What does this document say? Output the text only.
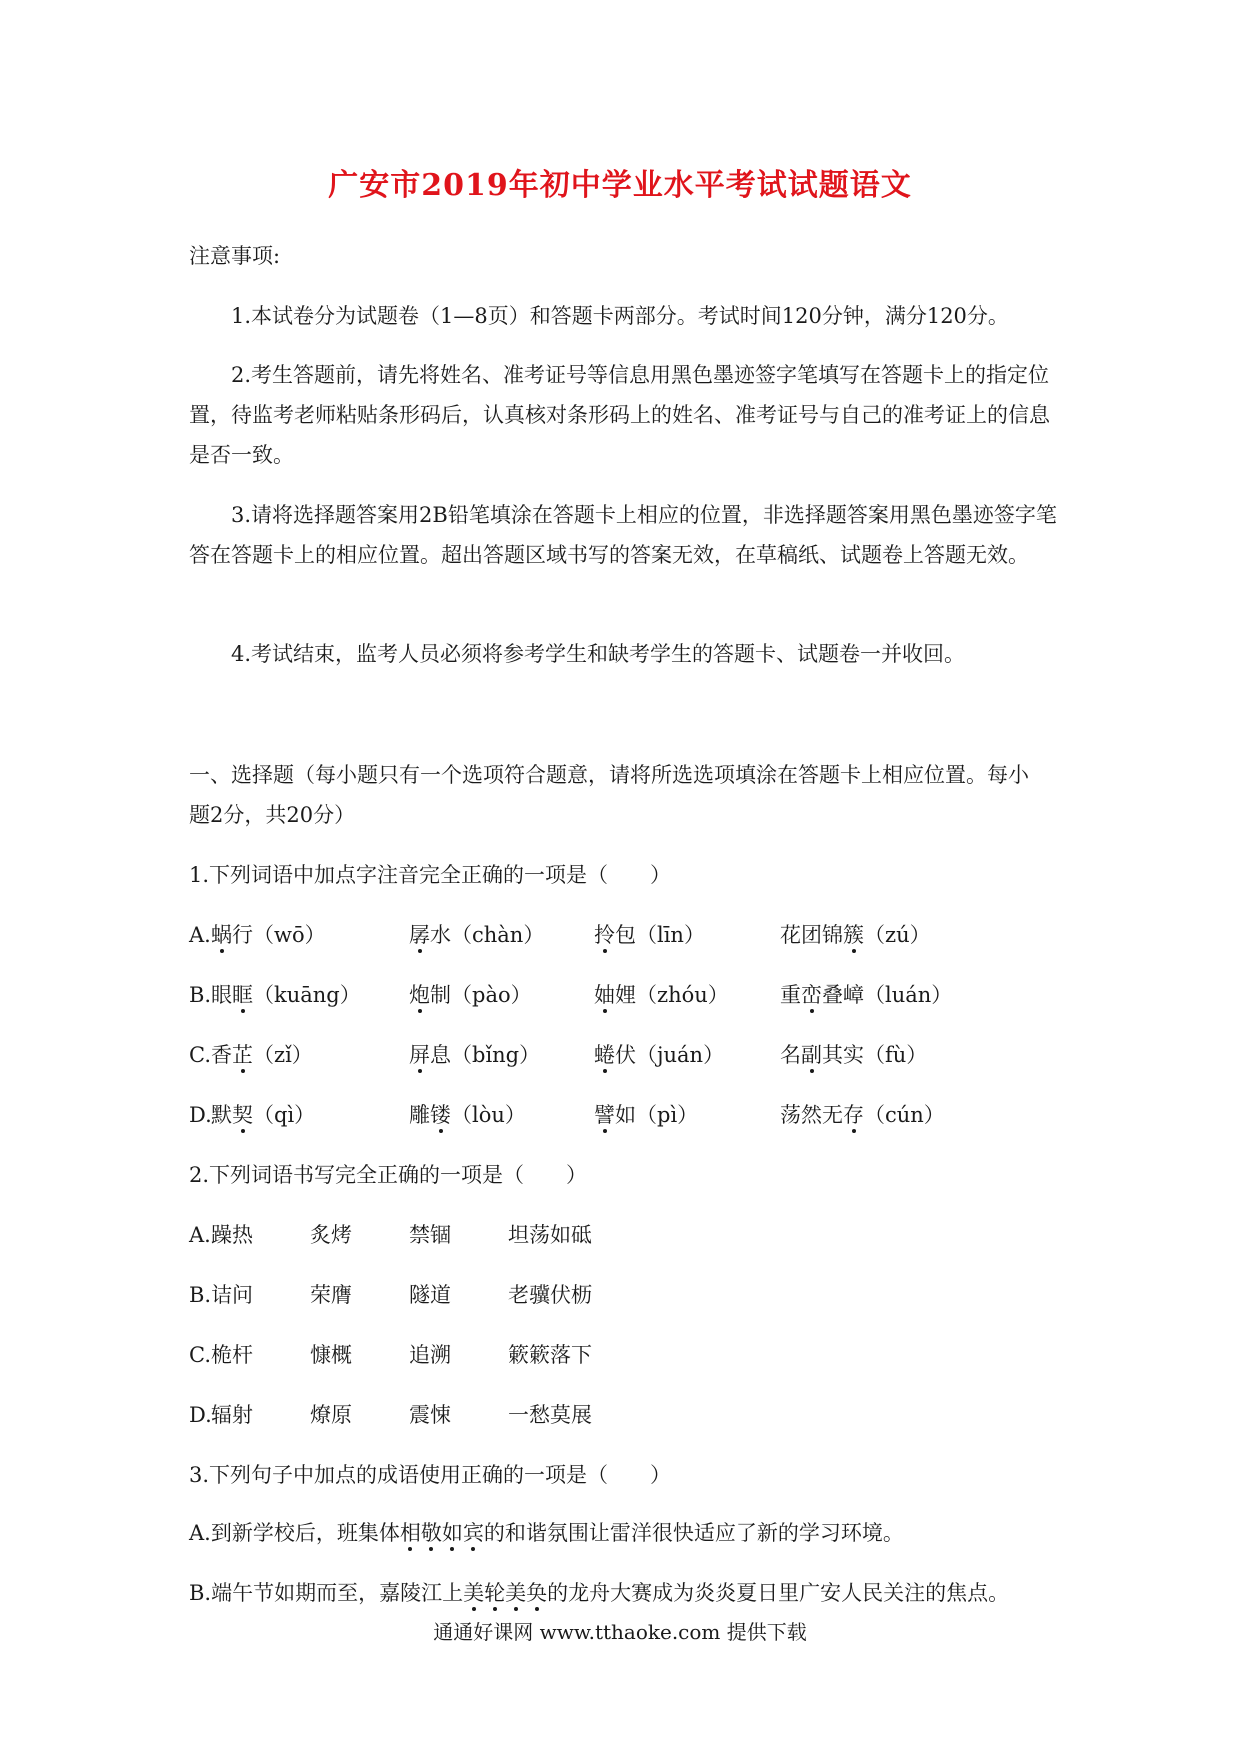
广安市2019年初中学业水平考试试题语文
注意事项:
1.本试卷分为试题卷（1—8页）和答题卡两部分。考试时间120分钟，满分120分。
2.考生答题前，请先将姓名、准考证号等信息用黑色墨迹签字笔填写在答题卡上的指定位置，待监考老师粘贴条形码后，认真核对条形码上的姓名、准考证号与自己的准考证上的信息是否一致。
3.请将选择题答案用2B铅笔填涂在答题卡上相应的位置，非选择题答案用黑色墨迹签字笔答在答题卡上的相应位置。超出答题区域书写的答案无效，在草稿纸、试题卷上答题无效。
4.考试结束，监考人员必须将参考学生和缺考学生的答题卡、试题卷一并收回。
一、选择题（每小题只有一个选项符合题意，请将所选选项填涂在答题卡上相应位置。每小
题2分，共20分）
1.下列词语中加点字注音完全正确的一项是（　　）
A. 蜗行（wō）	孱水（chàn） 拎包（līn）	花团锦簇（zú）
B. 眼眶（kuāng） 炮制（pào）	妯娌（zhóu） 重峦叠嶂（luán）
C. 香芷（zǐ）	屏息（bǐng）	蜷伏（juán）	名副其实（fù）
D. 默契（qì）	雕镂（lòu）	譬如（pì）	荡然无存（cún）
2.下列词语书写完全正确的一项是（　　）
A. 躁热	炙烤	禁锢	坦荡如砥
B. 诘问	荣膺	隧道	老骥伏枥
C. 桅杆	慷概	追溯	簌簌落下
D. 辐射	燎原	震悚	一愁莫展
3.下列句子中加点的成语使用正确的一项是（　　）
A.到新学校后，班集体相敬如宾的和谐氛围让雷洋很快适应了新的学习环境。
B.端午节如期而至，嘉陵江上美轮美奂的龙舟大赛成为炎炎夏日里广安人民关注的焦点。
通通好课网 www.tthaoke.com 提供下载
